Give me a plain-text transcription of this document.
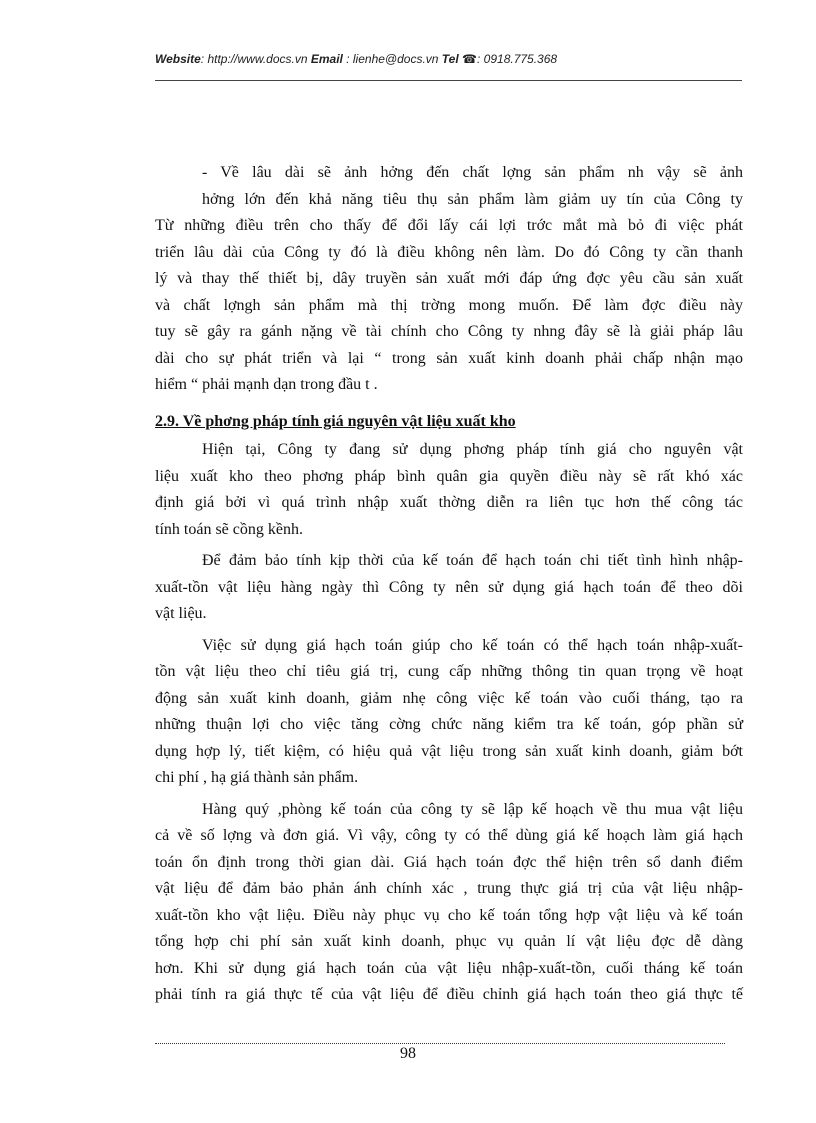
Website: http://www.docs.vn Email : lienhe@docs.vn Tel ☎: 0918.775.368
- Về lâu dài sẽ ảnh hởng đến chất lợng sản phẩm nh vậy sẽ ảnh
hởng lớn đến khả năng tiêu thụ sản phẩm làm giảm uy tín của Công ty
Từ những điều trên cho thấy để đổi lấy cái lợi trớc mắt mà bỏ đi việc phát
triển lâu dài của Công ty đó là điều không nên làm. Do đó Công ty cần thanh
lý và thay thế thiết bị, dây truyền sản xuất mới đáp ứng đợc yêu cầu sản xuất
và chất lợngh sản phẩm mà thị trờng mong muốn. Để làm đợc điều này
tuy sẽ gây ra gánh nặng về tài chính cho Công ty nhng đây sẽ là giải pháp lâu
dài cho sự phát triển và lại “ trong sản xuất kinh doanh phải chấp nhận mạo
hiểm “ phải mạnh dạn trong đầu t .
2.9. Về phơng pháp tính giá nguyên vật liệu xuất kho
Hiện tại, Công ty đang sử dụng phơng pháp tính giá cho nguyên vật
liệu xuất kho theo phơng pháp bình quân gia quyền điều này sẽ rất khó xác
định giá bởi vì quá trình nhập xuất thờng diễn ra liên tục hơn thế công tác
tính toán sẽ cồng kềnh.
Để đảm bảo tính kịp thời của kế toán để hạch toán chi tiết tình hình nhập-
xuất-tồn vật liệu hàng ngày thì Công ty nên sử dụng giá hạch toán để theo dõi
vật liệu.
Việc sử dụng giá hạch toán giúp cho kế toán có thể hạch toán nhập-xuất-
tồn vật liệu theo chỉ tiêu giá trị, cung cấp những thông tin quan trọng về hoạt
động sản xuất kinh doanh, giảm nhẹ công việc kế toán vào cuối tháng, tạo ra
những thuận lợi cho việc tăng cờng chức năng kiểm tra kế toán, góp phần sử
dụng hợp lý, tiết kiệm, có hiệu quả vật liệu trong sản xuất kinh doanh, giảm bớt
chi phí , hạ giá thành sản phẩm.
Hàng quý ,phòng kế toán của công ty sẽ lập kế hoạch về thu mua vật liệu
cả về số lợng và đơn giá. Vì vậy, công ty có thể dùng giá kế hoạch làm giá hạch
toán ổn định trong thời gian dài. Giá hạch toán đợc thể hiện trên sổ danh điểm
vật liệu để đảm bảo phản ánh chính xác , trung thực giá trị của vật liệu nhập-
xuất-tồn kho vật liệu. Điều này phục vụ cho kế toán tổng hợp vật liệu và kế toán
tổng hợp chi phí sản xuất kinh doanh, phục vụ quản lí vật liệu đợc dễ dàng
hơn. Khi sử dụng giá hạch toán của vật liệu nhập-xuất-tồn, cuối tháng kế toán
phải tính ra giá thực tế của vật liệu để điều chỉnh giá hạch toán theo giá thực tế
98
